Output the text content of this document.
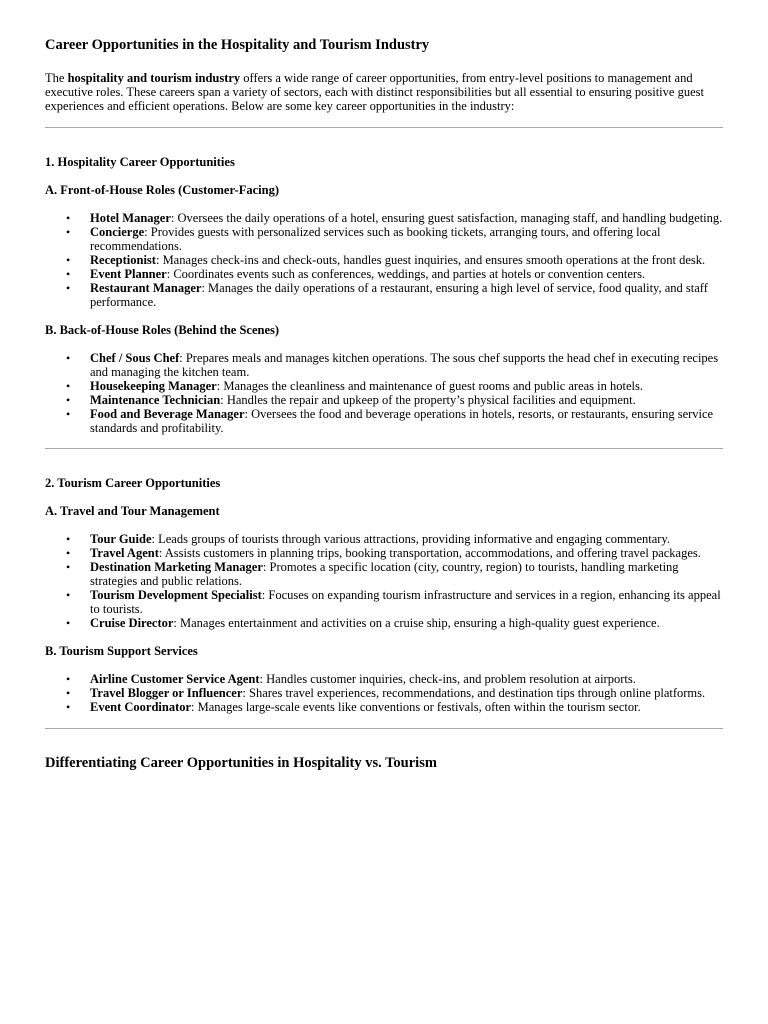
Career Opportunities in the Hospitality and Tourism Industry

The hospitality and tourism industry offers a wide range of career opportunities, from entry-level positions to management and executive roles. These careers span a variety of sectors, each with distinct responsibilities but all essential to ensuring positive guest experiences and efficient operations. Below are some key career opportunities in the industry:

1. Hospitality Career Opportunities
A. Front-of-House Roles (Customer-Facing)
• Hotel Manager: Oversees the daily operations of a hotel, ensuring guest satisfaction, managing staff, and handling budgeting.
• Concierge: Provides guests with personalized services such as booking tickets, arranging tours, and offering local recommendations.
• Receptionist: Manages check-ins and check-outs, handles guest inquiries, and ensures smooth operations at the front desk.
• Event Planner: Coordinates events such as conferences, weddings, and parties at hotels or convention centers.
• Restaurant Manager: Manages the daily operations of a restaurant, ensuring a high level of service, food quality, and staff performance.
B. Back-of-House Roles (Behind the Scenes)
• Chef / Sous Chef: Prepares meals and manages kitchen operations. The sous chef supports the head chef in executing recipes and managing the kitchen team.
• Housekeeping Manager: Manages the cleanliness and maintenance of guest rooms and public areas in hotels.
• Maintenance Technician: Handles the repair and upkeep of the property’s physical facilities and equipment.
• Food and Beverage Manager: Oversees the food and beverage operations in hotels, resorts, or restaurants, ensuring service standards and profitability.
2. Tourism Career Opportunities
A. Travel and Tour Management
• Tour Guide: Leads groups of tourists through various attractions, providing informative and engaging commentary.
• Travel Agent: Assists customers in planning trips, booking transportation, accommodations, and offering travel packages.
• Destination Marketing Manager: Promotes a specific location (city, country, region) to tourists, handling marketing strategies and public relations.
• Tourism Development Specialist: Focuses on expanding tourism infrastructure and services in a region, enhancing its appeal to tourists.
• Cruise Director: Manages entertainment and activities on a cruise ship, ensuring a high-quality guest experience.
B. Tourism Support Services
• Airline Customer Service Agent: Handles customer inquiries, check-ins, and problem resolution at airports.
• Travel Blogger or Influencer: Shares travel experiences, recommendations, and destination tips through online platforms.
• Event Coordinator: Manages large-scale events like conventions or festivals, often within the tourism sector.
Differentiating Career Opportunities in Hospitality vs. Tourism
